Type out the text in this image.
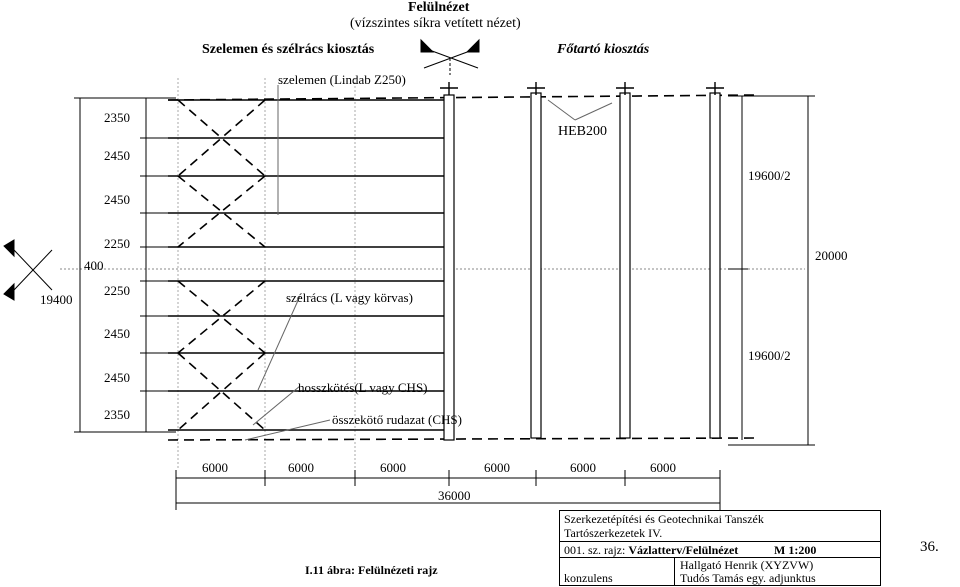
Felülnézet
(vízszintes síkra vetített nézet)
Szelemen és szélrács kiosztás	Főtartó kiosztás
szelemen (Lindab Z250)
HEB200
szélrács (L vagy körvas)
hosszkötés(L vagy CHS)
összekötő rudazat (CHS)
2350
2450
2450
2250
400
2250
2450
2450
2350
19400
19600/2
20000
19600/2
6000	6000	6000	6000	6000	6000
36000
I.11 ábra: Felülnézeti rajz
36.
Szerkezetépítési és Geotechnikai Tanszék
Tartószerkezetek IV.
001. sz. rajz: Vázlatterv/Felülnézet	M 1:200
Hallgató Henrik (XYZVW)
konzulens	Tudós Tamás egy. adjunktus
